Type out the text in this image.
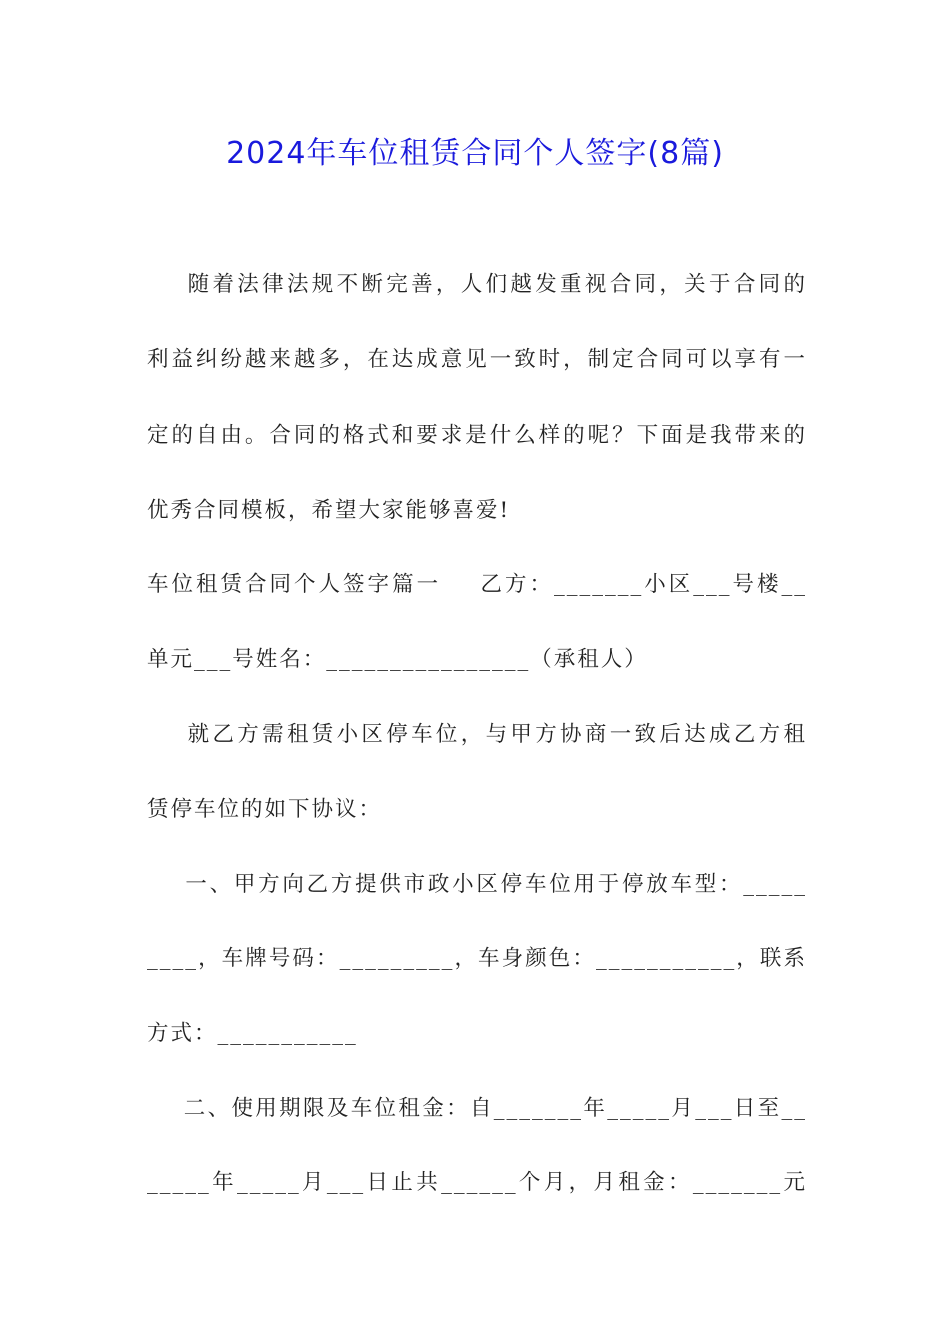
2024年车位租赁合同个人签字(8篇)
随着法律法规不断完善，人们越发重视合同，关于合同的
利益纠纷越来越多，在达成意见一致时，制定合同可以享有一
定的自由。合同的格式和要求是什么样的呢？下面是我带来的
优秀合同模板，希望大家能够喜爱!
车位租赁合同个人签字篇一    乙方：_______小区___号楼__
单元___号姓名：________________（承租人）
就乙方需租赁小区停车位，与甲方协商一致后达成乙方租
赁停车位的如下协议：
一、甲方向乙方提供市政小区停车位用于停放车型：_____
____，车牌号码：_________，车身颜色：___________，联系
方式：___________
二、使用期限及车位租金：自_______年_____月___日至__
_____年_____月___日止共______个月，月租金：_______元
